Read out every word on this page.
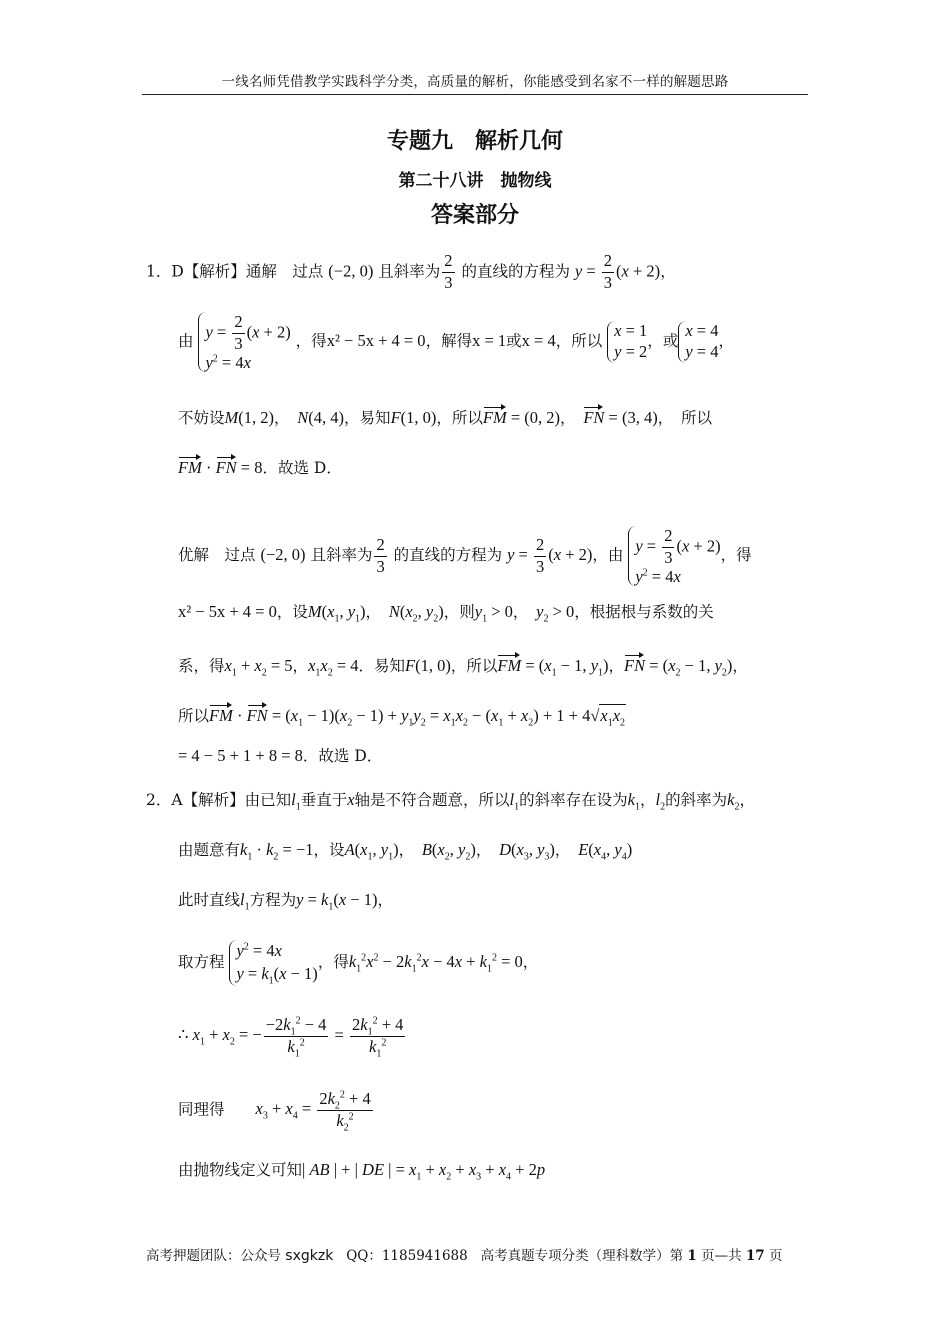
一线名师凭借教学实践科学分类，高质量的解析，你能感受到名家不一样的解题思路
专题九　解析几何
第二十八讲　抛物线
答案部分
1．D【解析】通解　过点 (−2, 0) 且斜率为 $\frac{2}{3}$ 的直线的方程为 $y = \frac{2}{3} (x + 2)$，
由
$y = \frac{2}{3} (x + 2)$
$y^2 = 4x$
，得x² − 5x + 4 = 0，解得x = 1或x = 4，所以
x = 1
y = 2
，或
x = 4
y = 4
，
不妨设M(1, 2)，　N(4, 4)，易知F(1, 0)，所以FM = (0, 2)，　FN = (3, 4)，　所以
FM · FN = 8．故选 D．
优解　过点 (−2, 0) 且斜率为 $\frac{2}{3}$ 的直线的方程为 $y = \frac{2}{3} (x + 2)$，由
$y = \frac{2}{3} (x + 2)$
$y^2 = 4x$
，得
x² − 5x + 4 = 0，设$M(x_1$, $y_1$)，　$N(x_2$, $y_2$)，则$y_1 > 0$，　$y_2 > 0$，根据根与系数的关
系，得$x_1 + x_2 = 5$，$x_1x_2 = 4$．易知F(1, 0)，所以FM = ($x_1 - 1$, $y_1$)，FN = ($x_2 - 1$, $y_2$)，
所以FM · FN = $(x_1 - 1)(x_2 - 1) + y_1y_2 = x_1x_2 - (x_1 + x_2) + 1 + 4√x_1x_2$
= 4 − 5 + 1 + 8 = 8．故选 D．
2．A【解析】由已知$l_1$垂直于x轴是不符合题意，所以$l_1$的斜率存在设为$k_1$，$l_2$的斜率为$k_2$，
由题意有$k_1 \cdot k_2 = -1$，设$A(x_1$, $y_1$)，　$B(x_2$, $y_2$)，　$D(x_3$, $y_3$)，　$E(x_4$, $y_4$)
此时直线$l_1$方程为$y = k_1(x - 1)$，
取方程
$y^2 = 4x$
$y = k_1(x - 1)$
，得$k_1^2x^2 - 2k_1^2x - 4x + k_1^2 = 0$，
∴ $x_1 + x_2$ = − $\frac{-2k_1^2 - 4}{k_1^2} = \frac{2k_1^2 + 4}{k_1^2}$
同理得　　 $x_3 + x_4 = \frac{2k_2^2 + 4}{k_2^2}$
由抛物线定义可知| AB | + | DE | = $x_1 + x_2 + x_3 + x_4 + 2p$
高考押题团队：公众号 sxgkzk QQ：1185941688 高考真题专项分类（理科数学）第 1 页—共 17 页
